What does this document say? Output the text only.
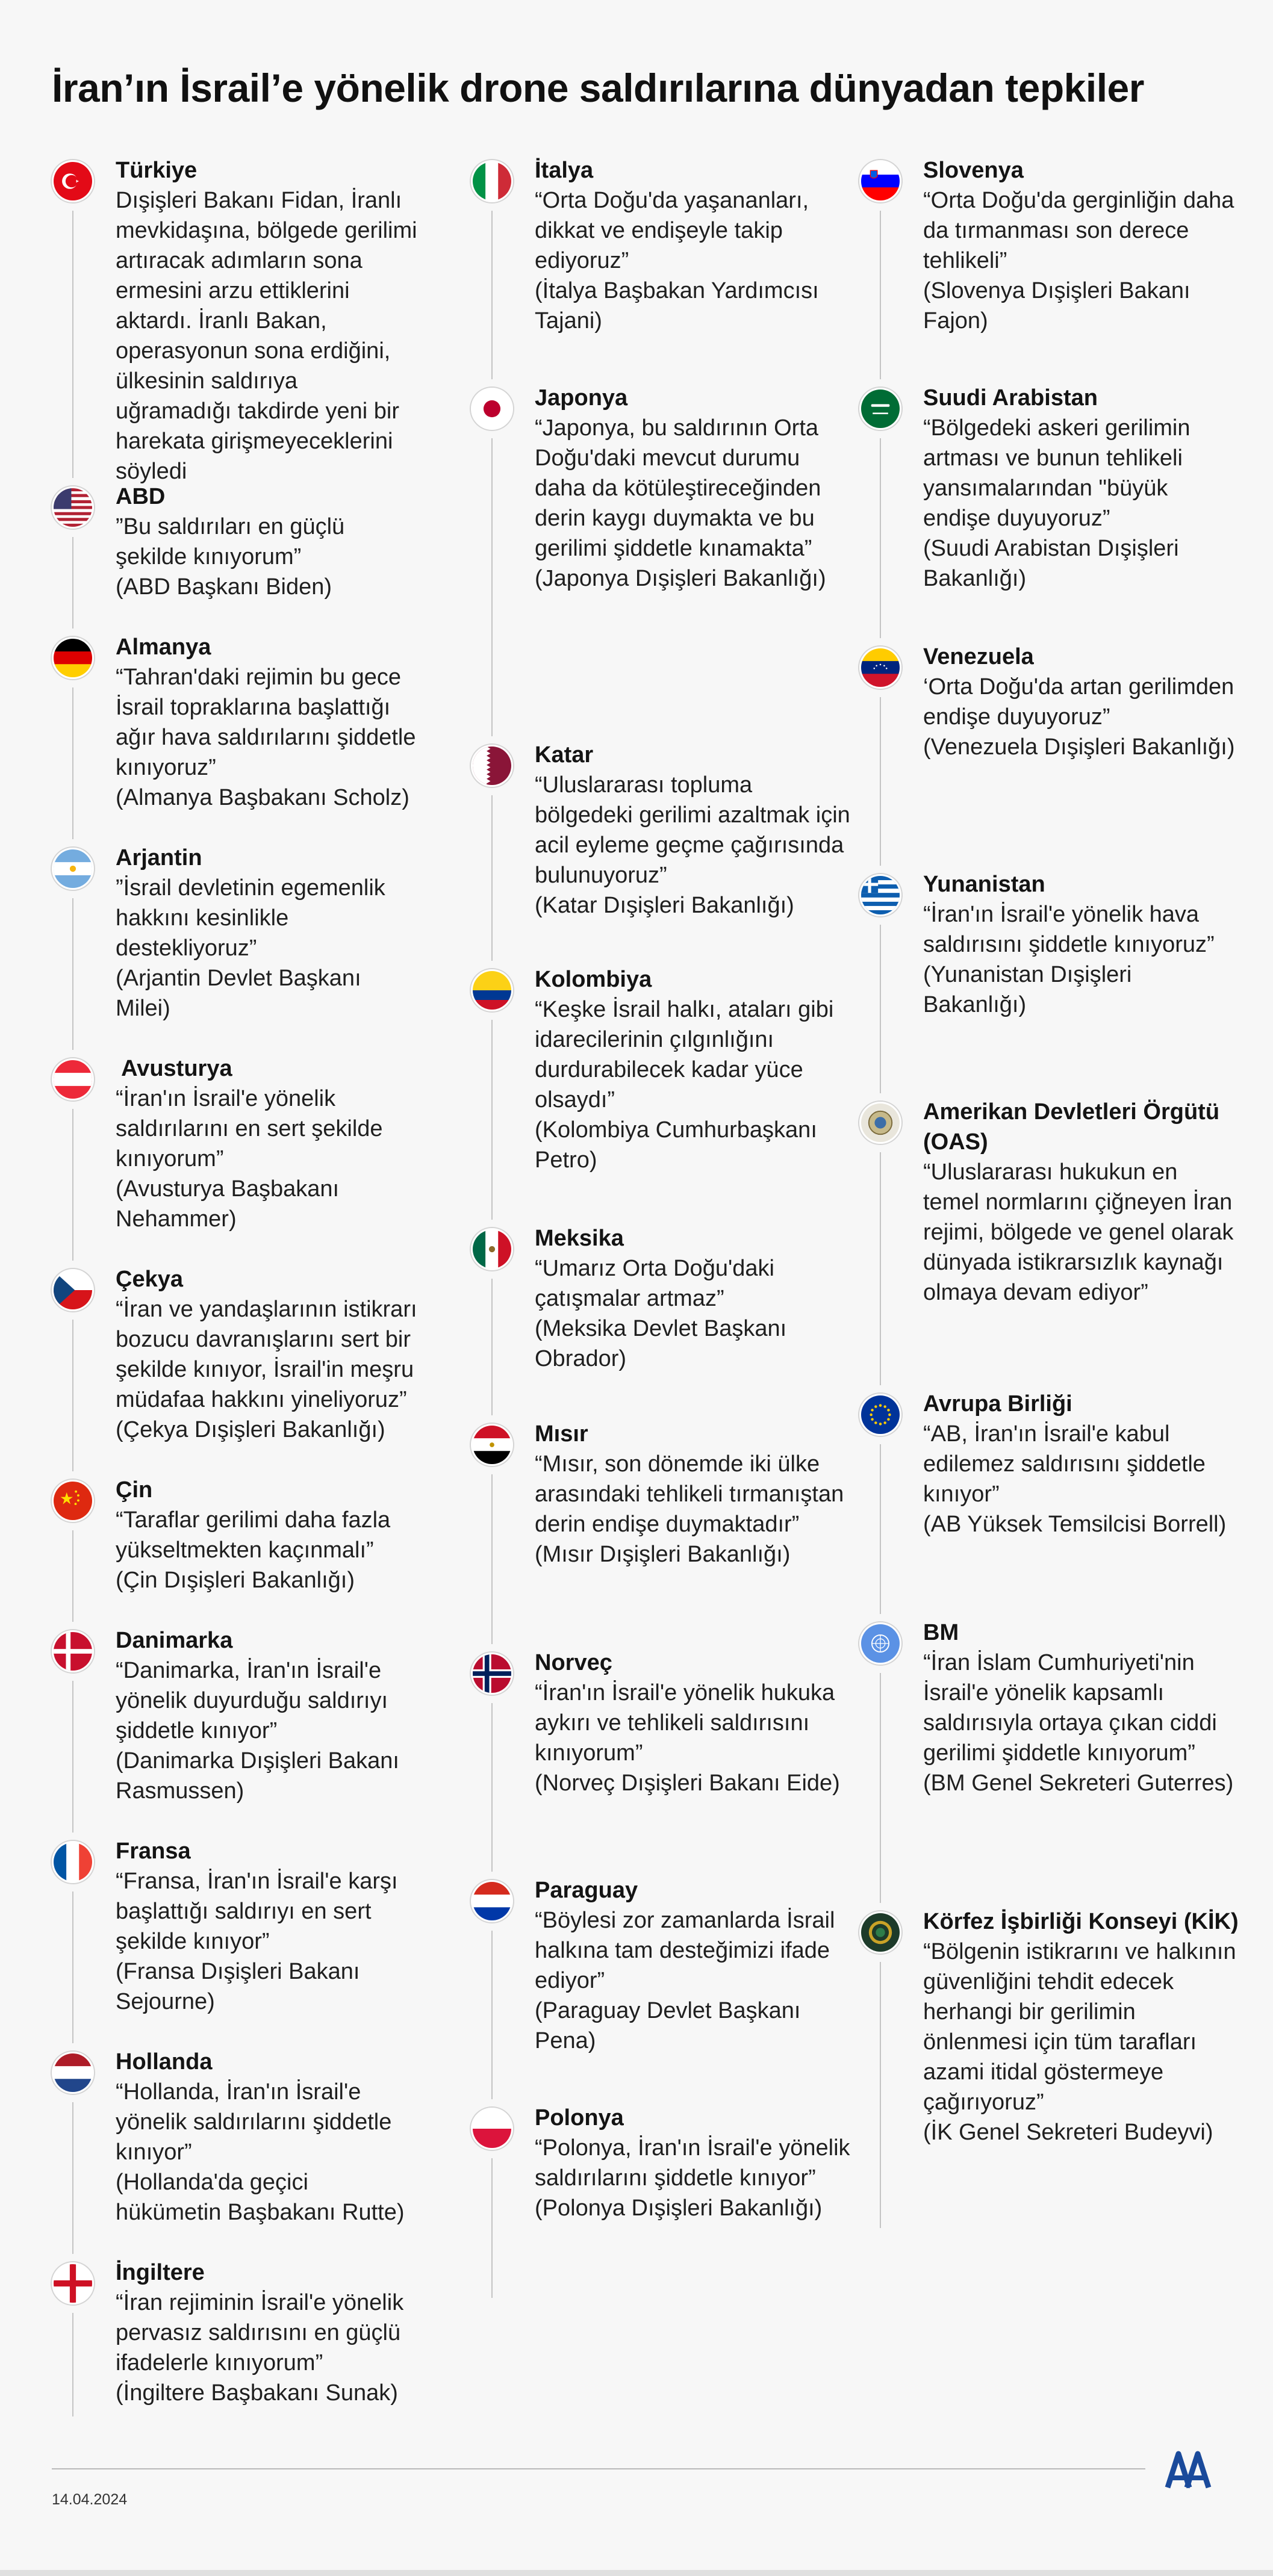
İran’ın İsrail’e yönelik drone saldırılarına dünyadan tepkiler
Türkiye
Dışişleri Bakanı Fidan, İranlı mevkidaşına, bölgede gerilimi artıracak adımların sona ermesini arzu ettiklerini aktardı. İranlı Bakan, operasyonun sona erdiğini, ülkesinin saldırıya uğramadığı takdirde yeni bir harekata girişmeyeceklerini söyledi
ABD
”Bu saldırıları en güçlü şekilde kınıyorum”
(ABD Başkanı Biden)
Almanya
“Tahran'daki rejimin bu gece İsrail topraklarına başlattığı ağır hava saldırılarını şiddetle kınıyoruz”
(Almanya Başbakanı Scholz)
Arjantin
”İsrail devletinin egemenlik hakkını kesinlikle destekliyoruz”
(Arjantin Devlet Başkanı Milei)
Avusturya
“İran'ın İsrail'e yönelik saldırılarını en sert şekilde kınıyorum”
(Avusturya Başbakanı Nehammer)
Çekya
“İran ve yandaşlarının istikrarı bozucu davranışlarını sert bir şekilde kınıyor, İsrail'in meşru müdafaa hakkını yineliyoruz”
(Çekya Dışişleri Bakanlığı)
Çin
“Taraflar gerilimi daha fazla yükseltmekten kaçınmalı”
(Çin Dışişleri Bakanlığı)
Danimarka
“Danimarka, İran'ın İsrail'e yönelik duyurduğu saldırıyı şiddetle kınıyor”
(Danimarka Dışişleri Bakanı Rasmussen)
Fransa
“Fransa, İran'ın İsrail'e karşı başlattığı saldırıyı en sert şekilde kınıyor”
(Fransa Dışişleri Bakanı Sejourne)
Hollanda
“Hollanda, İran'ın İsrail'e yönelik saldırılarını şiddetle kınıyor”
(Hollanda'da geçici hükümetin Başbakanı Rutte)
İngiltere
“İran rejiminin İsrail'e yönelik pervasız saldırısını en güçlü ifadelerle kınıyorum”
(İngiltere Başbakanı Sunak)
İtalya
“Orta Doğu'da yaşananları, dikkat ve endişeyle takip ediyoruz”
(İtalya Başbakan Yardımcısı Tajani)
Japonya
“Japonya, bu saldırının Orta Doğu'daki mevcut durumu daha da kötüleştireceğinden derin kaygı duymakta ve bu gerilimi şiddetle kınamakta”
(Japonya Dışişleri Bakanlığı)
Katar
“Uluslararası topluma bölgedeki gerilimi azaltmak için acil eyleme geçme çağırısında bulunuyoruz”
(Katar Dışişleri Bakanlığı)
Kolombiya
“Keşke İsrail halkı, ataları gibi idarecilerinin çılgınlığını durdurabilecek kadar yüce olsaydı”
(Kolombiya Cumhurbaşkanı Petro)
Meksika
“Umarız Orta Doğu'daki çatışmalar artmaz”
(Meksika Devlet Başkanı Obrador)
Mısır
“Mısır, son dönemde iki ülke arasındaki tehlikeli tırmanıştan derin endişe duymaktadır”
(Mısır Dışişleri Bakanlığı)
Norveç
“İran'ın İsrail'e yönelik hukuka aykırı ve tehlikeli saldırısını kınıyorum”
(Norveç Dışişleri Bakanı Eide)
Paraguay
“Böylesi zor zamanlarda İsrail halkına tam desteğimizi ifade ediyor”
(Paraguay Devlet Başkanı Pena)
Polonya
“Polonya, İran'ın İsrail'e yönelik saldırılarını şiddetle kınıyor”
(Polonya Dışişleri Bakanlığı)
Slovenya
“Orta Doğu'da gerginliğin daha da tırmanması son derece tehlikeli”
(Slovenya Dışişleri Bakanı Fajon)
Suudi Arabistan
“Bölgedeki askeri gerilimin artması ve bunun tehlikeli yansımalarından "büyük endişe duyuyoruz”
(Suudi Arabistan Dışişleri Bakanlığı)
Venezuela
‘Orta Doğu'da artan gerilimden endişe duyuyoruz”
(Venezuela Dışişleri Bakanlığı)
Yunanistan
“İran'ın İsrail'e yönelik hava saldırısını şiddetle kınıyoruz”
(Yunanistan Dışişleri Bakanlığı)
Amerikan Devletleri Örgütü (OAS)
“Uluslararası hukukun en temel normlarını çiğneyen İran rejimi, bölgede ve genel olarak dünyada istikrarsızlık kaynağı olmaya devam ediyor”
Avrupa Birliği
“AB, İran'ın İsrail'e kabul edilemez saldırısını şiddetle kınıyor”
(AB Yüksek Temsilcisi Borrell)
BM
“İran İslam Cumhuriyeti'nin İsrail'e yönelik kapsamlı saldırısıyla ortaya çıkan ciddi gerilimi şiddetle kınıyorum”
(BM Genel Sekreteri Guterres)
Körfez İşbirliği Konseyi (KİK)
“Bölgenin istikrarını ve halkının güvenliğini tehdit edecek herhangi bir gerilimin önlenmesi için tüm tarafları azami itidal göstermeye çağırıyoruz”
(İK Genel Sekreteri Budeyvi)
14.04.2024
